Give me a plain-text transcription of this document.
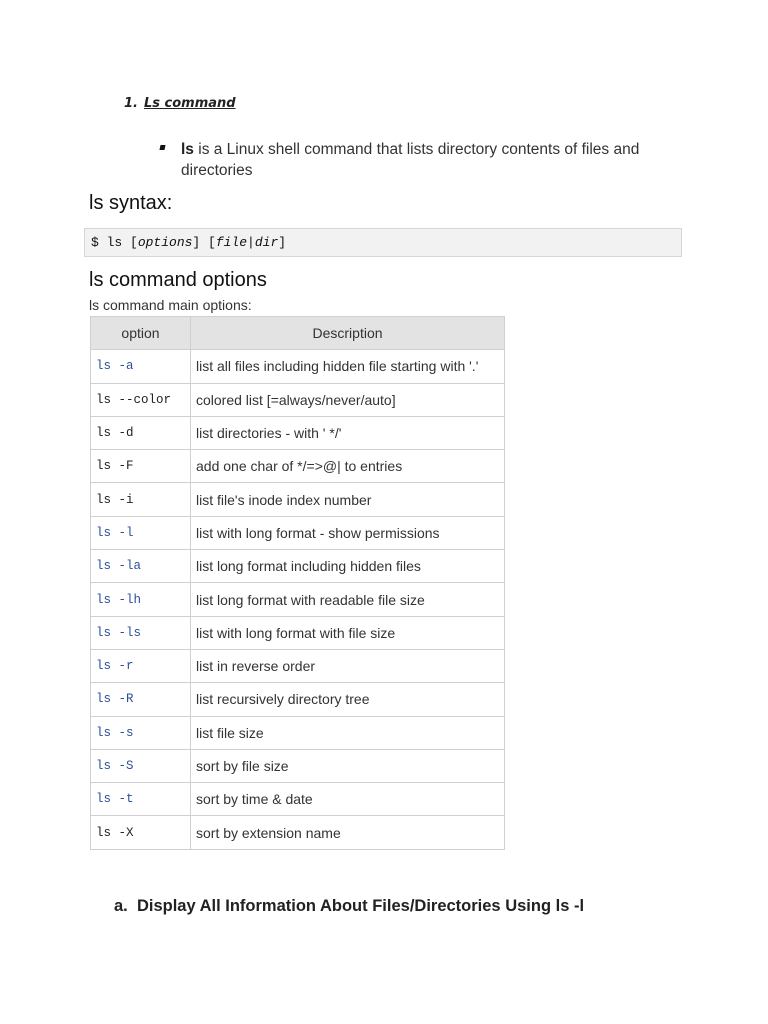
1. Ls command
ls is a Linux shell command that lists directory contents of files and directories
ls syntax:
$ ls [options] [file|dir]
ls command options
ls command main options:
option	Description
ls -a	list all files including hidden file starting with '.'
ls --color	colored list [=always/never/auto]
ls -d	list directories - with ' */'
ls -F	add one char of */=>@| to entries
ls -i	list file's inode index number
ls -l	list with long format - show permissions
ls -la	list long format including hidden files
ls -lh	list long format with readable file size
ls -ls	list with long format with file size
ls -r	list in reverse order
ls -R	list recursively directory tree
ls -s	list file size
ls -S	sort by file size
ls -t	sort by time & date
ls -X	sort by extension name
a. Display All Information About Files/Directories Using ls -l
